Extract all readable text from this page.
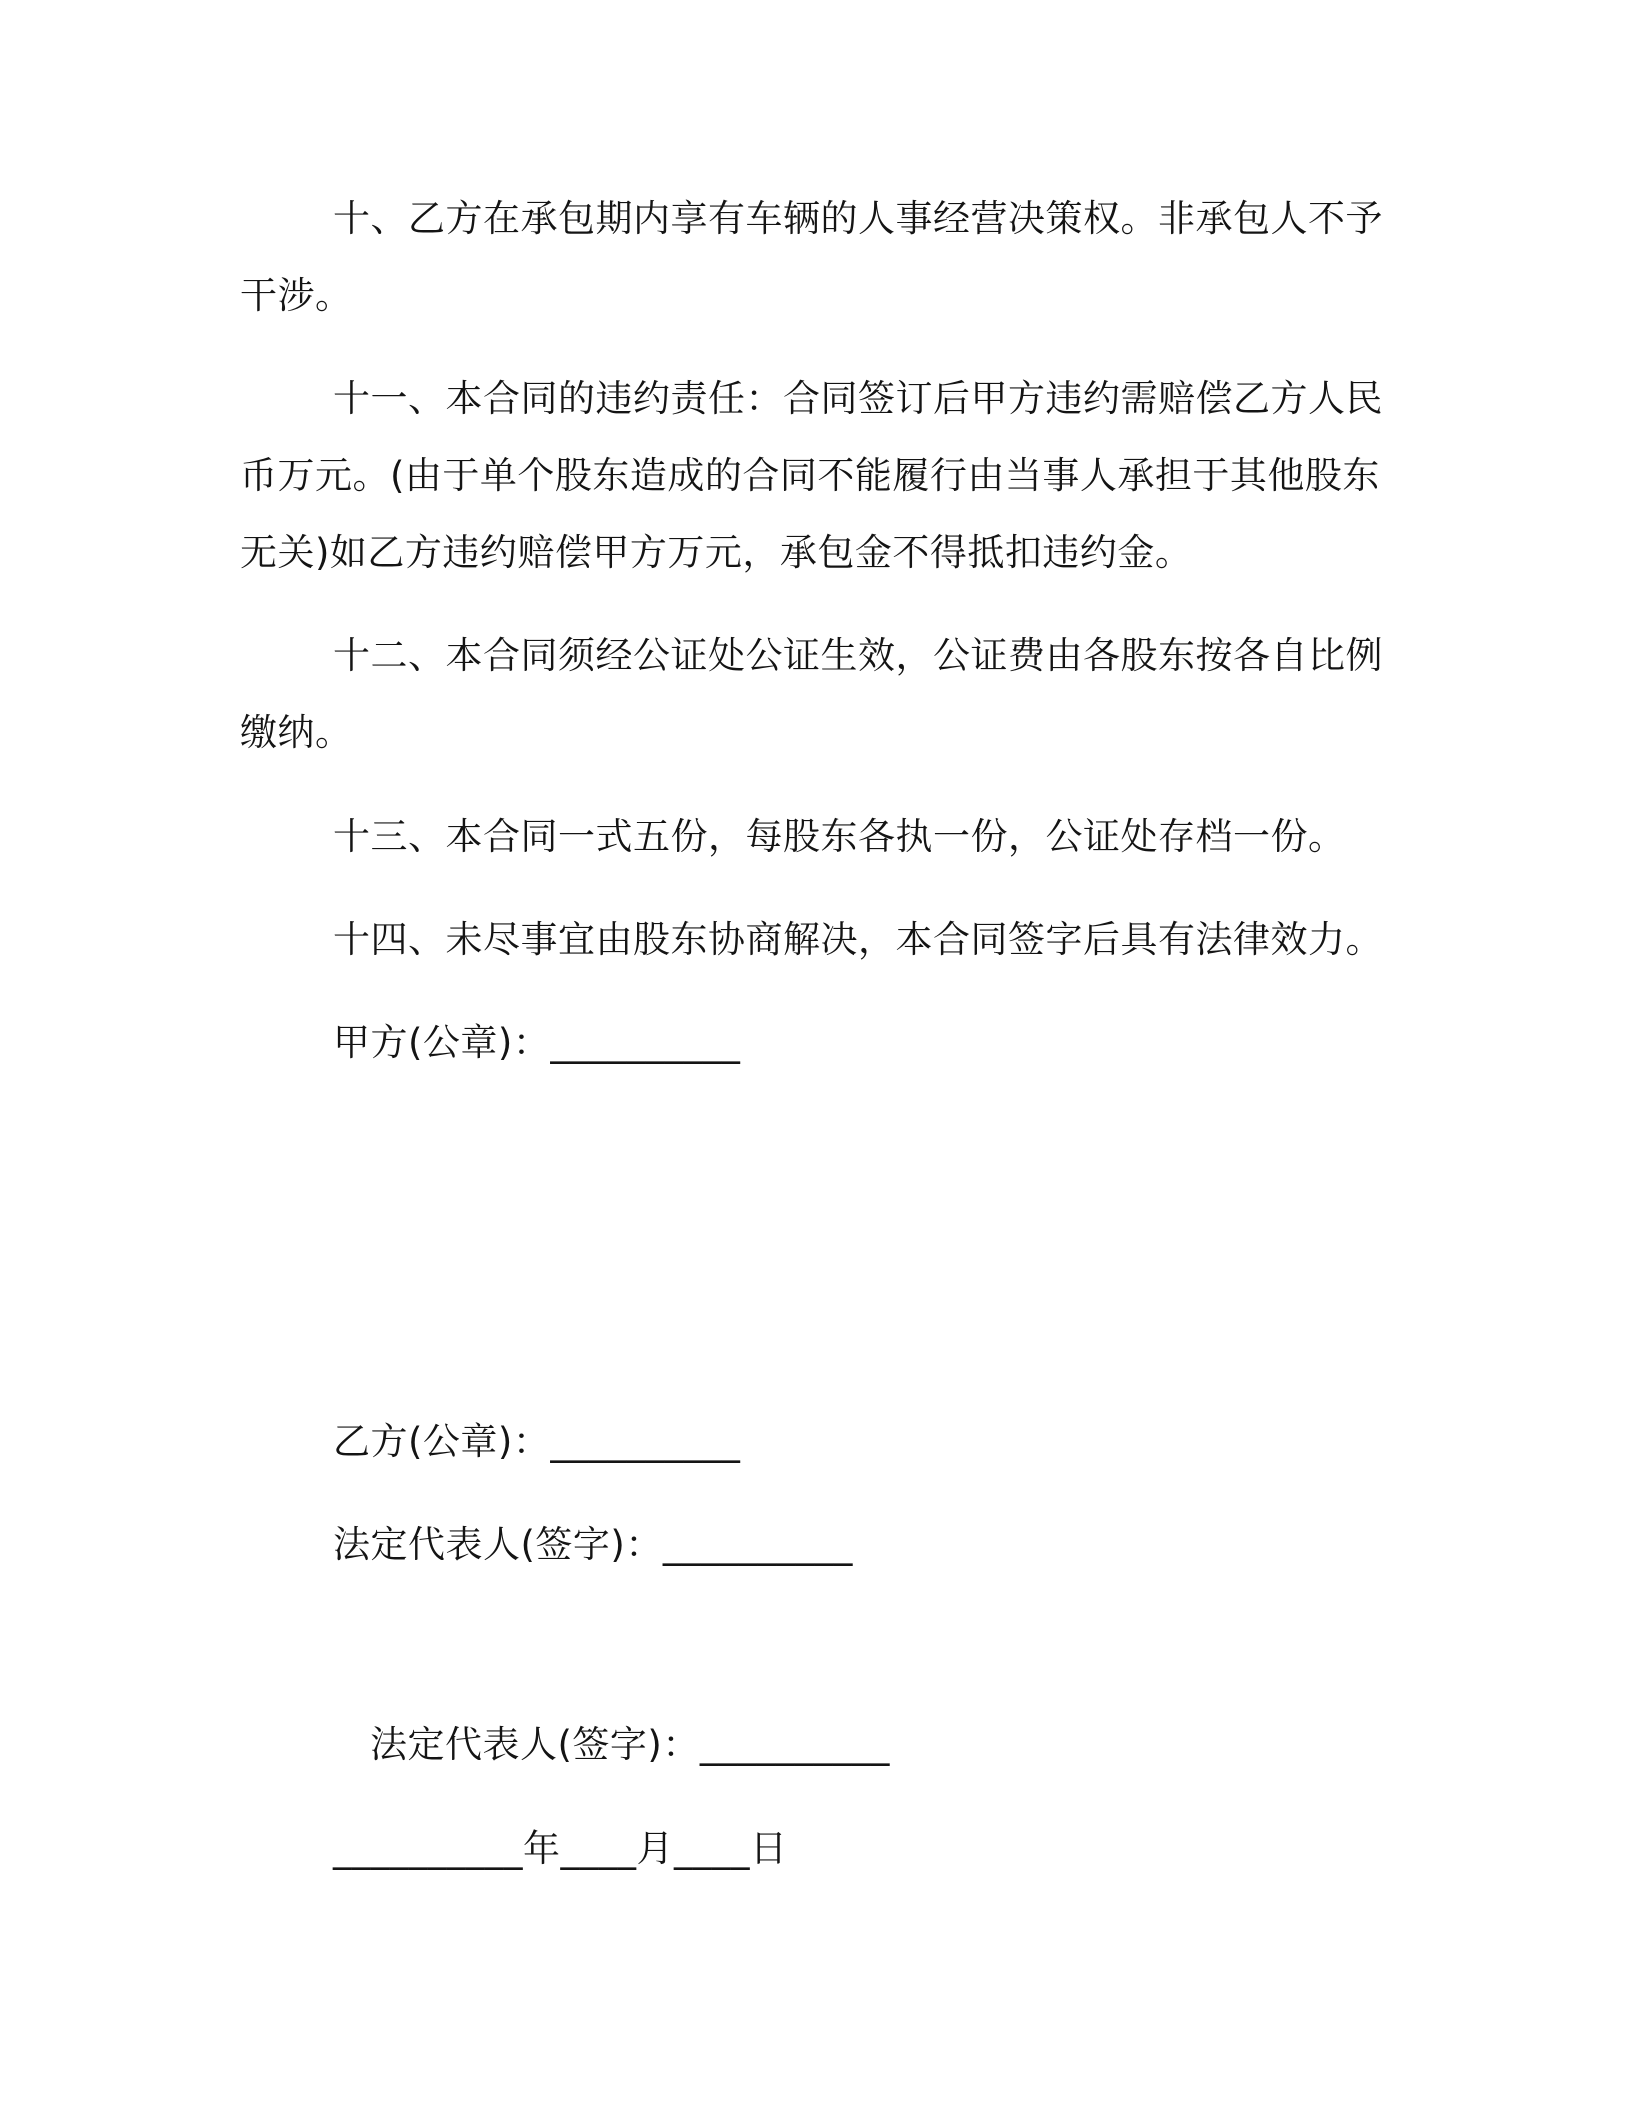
十、乙方在承包期内享有车辆的人事经营决策权。非承包人不予
干涉。
十一、本合同的违约责任：合同签订后甲方违约需赔偿乙方人民
币万元。(由于单个股东造成的合同不能履行由当事人承担于其他股东
无关)如乙方违约赔偿甲方万元，承包金不得抵扣违约金。
十二、本合同须经公证处公证生效，公证费由各股东按各自比例
缴纳。
十三、本合同一式五份，每股东各执一份，公证处存档一份。
十四、未尽事宜由股东协商解决，本合同签字后具有法律效力。
甲方(公章)：__________
乙方(公章)：__________
法定代表人(签字)：__________
法定代表人(签字)：__________
__________年____月____日
